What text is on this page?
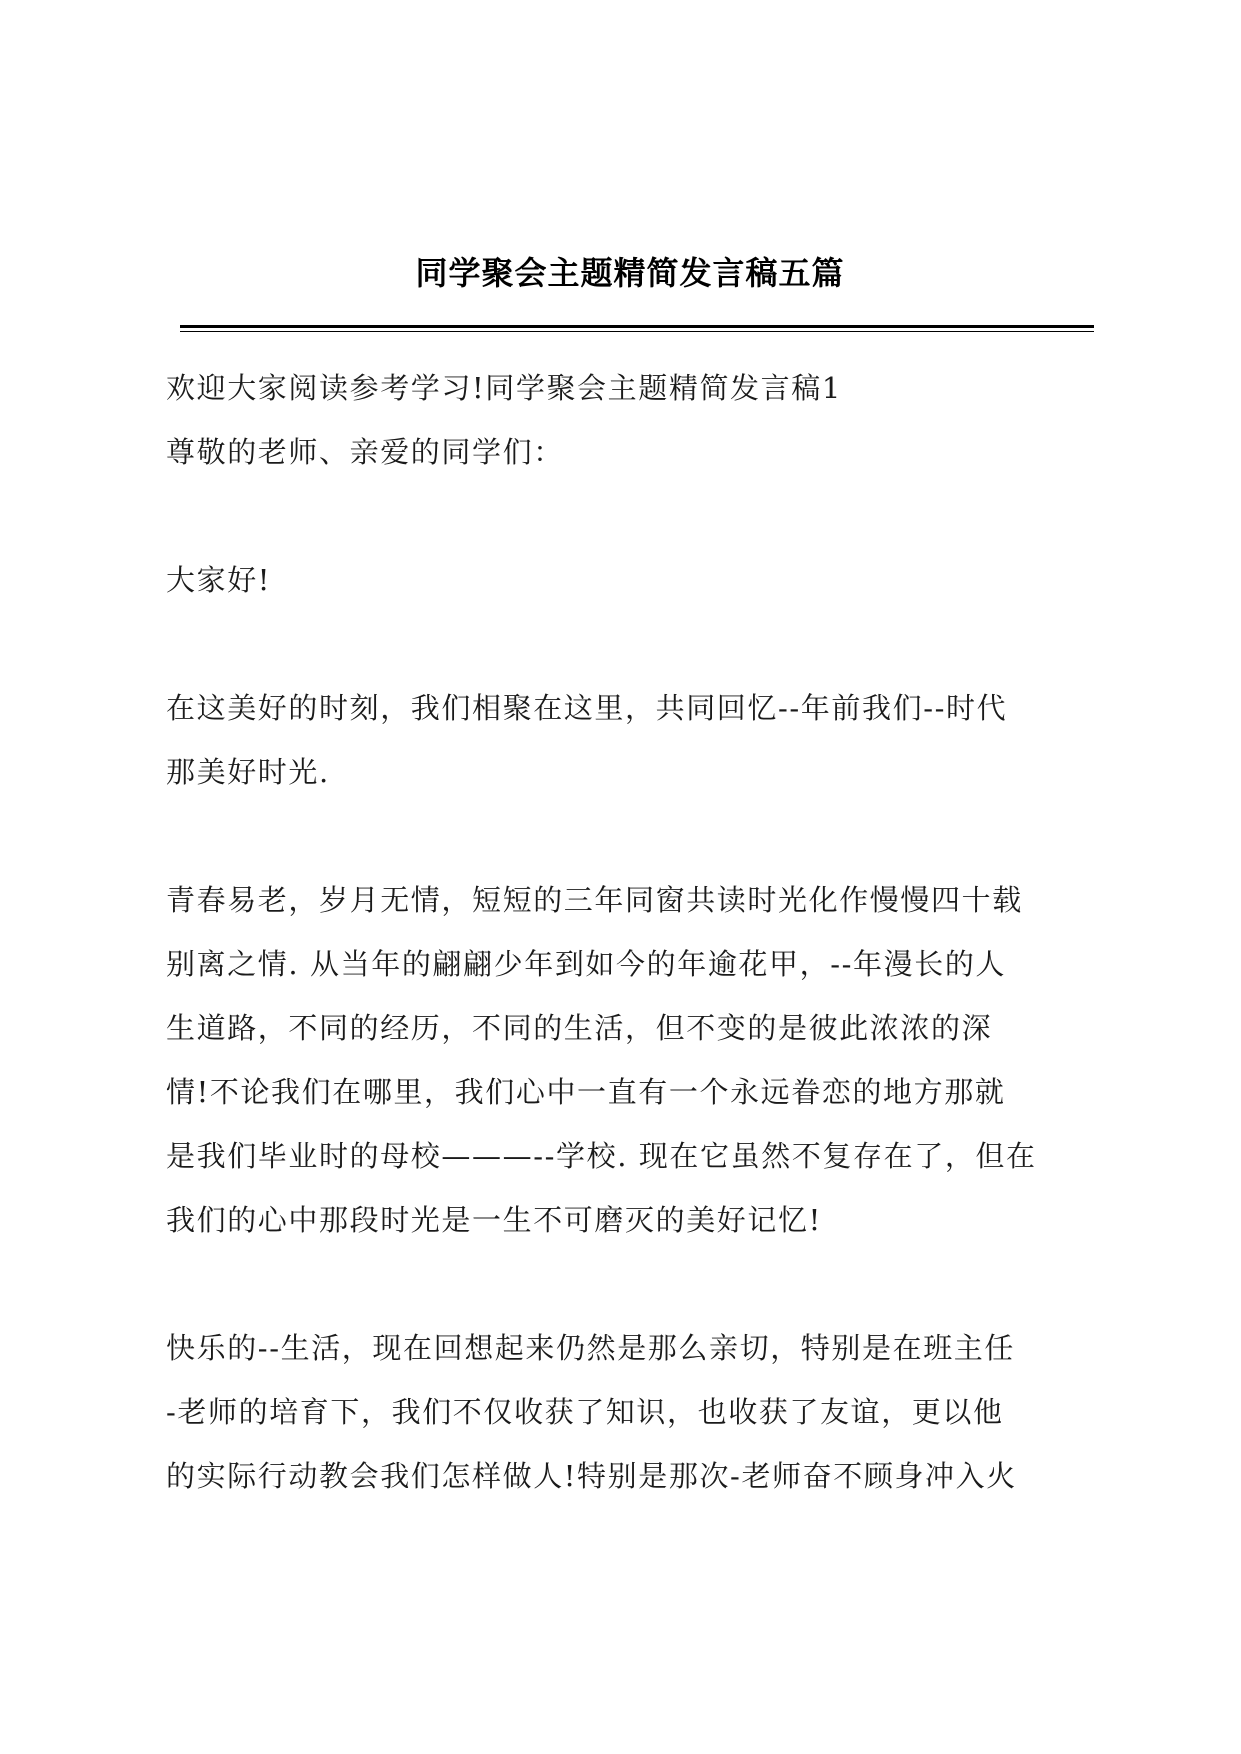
同学聚会主题精简发言稿五篇

欢迎大家阅读参考学习!同学聚会主题精简发言稿1

尊敬的老师、亲爱的同学们：

大家好!

在这美好的时刻，我们相聚在这里，共同回忆--年前我们--时代

那美好时光.

青春易老，岁月无情，短短的三年同窗共读时光化作慢慢四十载

别离之情. 从当年的翩翩少年到如今的年逾花甲，--年漫长的人

生道路，不同的经历，不同的生活，但不变的是彼此浓浓的深

情!不论我们在哪里，我们心中一直有一个永远眷恋的地方那就

是我们毕业时的母校———--学校. 现在它虽然不复存在了，但在

我们的心中那段时光是一生不可磨灭的美好记忆!

快乐的--生活，现在回想起来仍然是那么亲切，特别是在班主任

-老师的培育下，我们不仅收获了知识，也收获了友谊，更以他

的实际行动教会我们怎样做人!特别是那次-老师奋不顾身冲入火
